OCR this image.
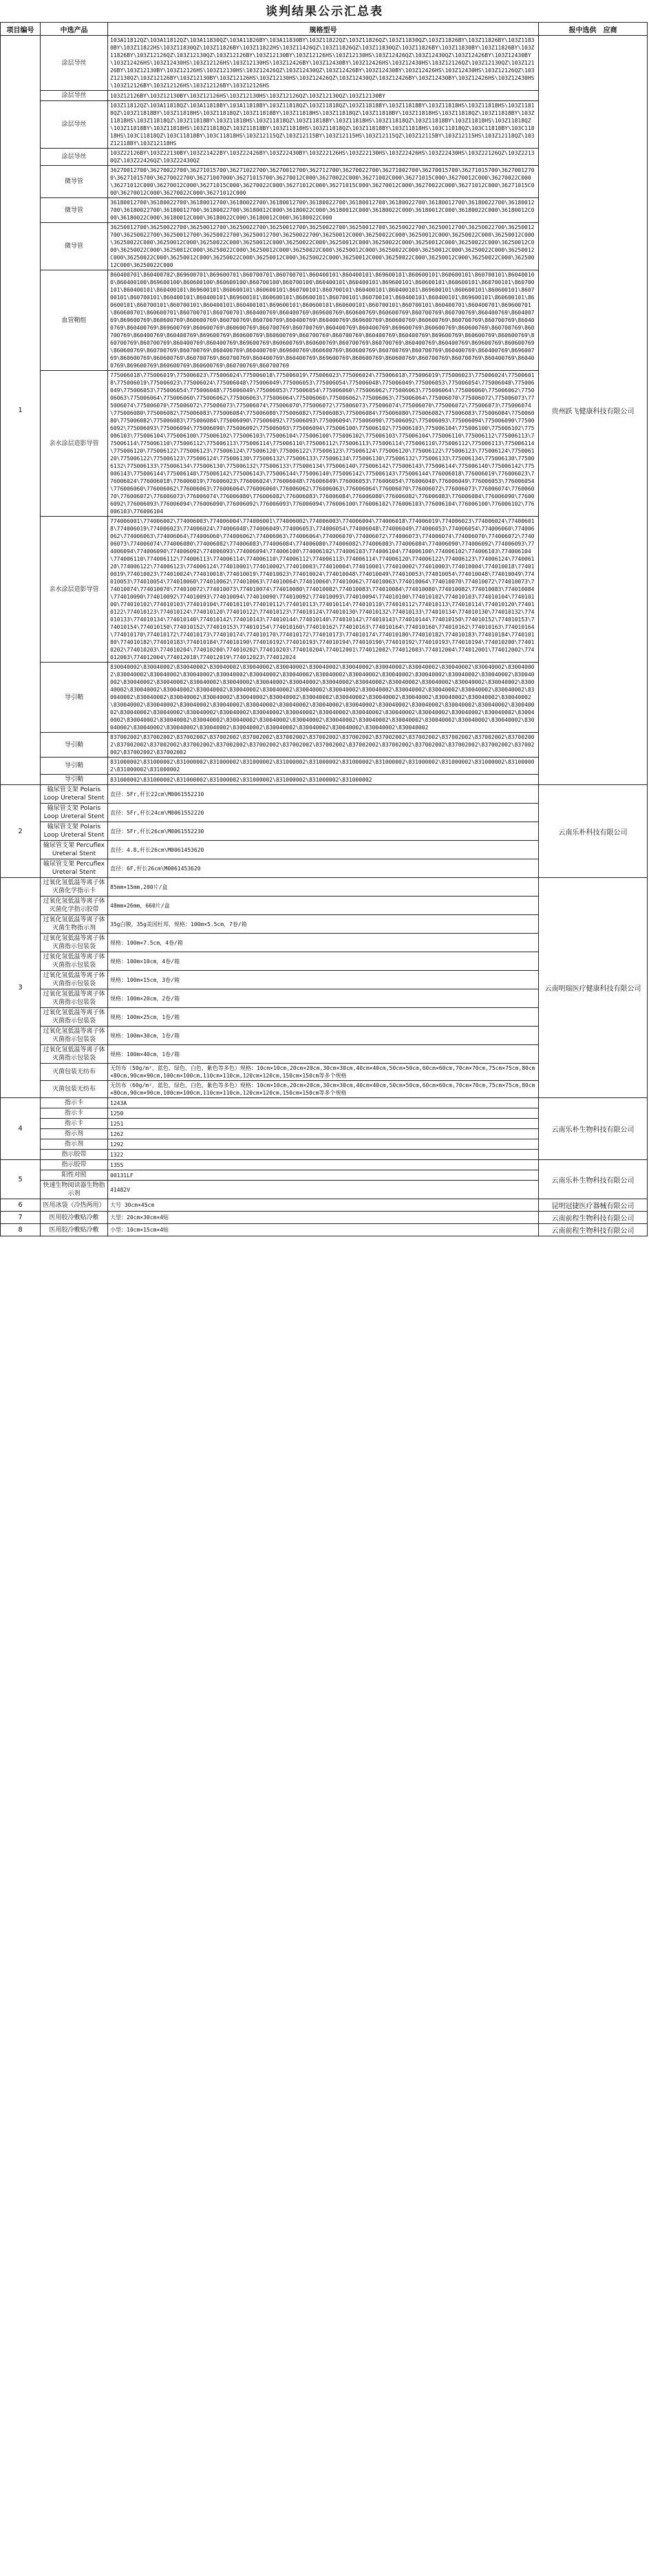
谈判结果公示汇总表
项目编号	中选产品	规格型号	报中选供　应商
1	涂层导丝	103A11812QZ\103A11812QZ\103A11830QZ\103A11826BY\103A11830BY\103Z11822QZ\103Z11826QZ\103Z11830QZ\103Z11826BY\103Z11826BY\103Z11830BY\103Z11822HS\103Z11830QZ\103Z11826BY\103Z11822HS\103Z11426QZ\103Z11826QZ\103Z11830QZ\103Z11826BY\103Z11830BY\103Z11826BY\103Z11826BY\103Z12126QZ\103Z12130QZ\103Z12126BY\103Z12130BY\103Z12126HS\103Z12130HS\103Z12426QZ\103Z12430QZ\103Z12426BY\103Z12430BY\103Z12426HS\103Z12430HS\103Z12126HS\103Z12130HS\103Z12426BY\103Z12430BY\103Z12426HS\103Z12430HS\103Z12126QZ\103Z12130QZ\103Z12126BY\103Z12130BY\103Z12126HS\103Z12130HS\103Z12426QZ\103Z12430QZ\103Z12426BY\103Z12430BY\103Z12426HS\103Z12430HS\103Z12126QZ\103Z12130QZ\103Z12126BY\103Z12130BY\103Z12126HS\103Z12130HS\103Z12426QZ\103Z12430QZ\103Z12426BY\103Z12430BY\103Z12426HS\103Z12430HS\103Z12126BY\103Z12126HS\103Z12126BY\103Z12126HS	贵州跃飞健康科技有限公司
	涂层导丝	103Z12126BY\103Z12130BY\103Z12126HS\103Z12130HS\103Z12126QZ\103Z12130QZ\103Z12130BY	
	涂层导丝	103Z11812QZ\103A11818QZ\103A11818BY\103A11818BY\103Z11818QZ\103Z11818QZ\103Z11818BY\103Z11818BY\103Z11818HS\103Z11818HS\103Z11818QZ\103Z11818BY\103Z11818HS\103Z11818QZ\103Z11818BY\103Z11818HS\103Z11818QZ\103Z11818BY\103Z11818HS\103Z11818QZ\103Z11818BY\103Z11818HS\103Z11818QZ\103Z11818BY\103Z11818HS\103Z11818QZ\103Z11818BY\103Z11818HS\103Z11818QZ\103Z11818BY\103Z11818HS\103Z11818QZ\103Z11818BY\103Z11818HS\103Z11818QZ\103Z11818BY\103Z11818HS\103Z11818QZ\103Z11818BY\103Z11818HS\103C11818QZ\103C11818BY\103C11818HS\103C11818QZ\103C11818BY\103C11818HS\103Z12115QZ\103Z12115BY\103Z12115HS\103Z12115QZ\103Z12115BY\103Z12115HS\103Z12118QZ\103Z12118BY\103Z12118HS	
	涂层导丝	103Z22126BY\103Z22130BY\103Z21422BY\103Z22426BY\103Z22430BY\103Z22126HS\103Z22130HS\103Z22426HS\103Z22430HS\103Z22126QZ\103Z22130QZ\103Z22426QZ\103Z22430QZ	
	微导管	36270012700\36270022700\36271015700\36271022700\36270012700\362712700\36270022700\36271002700\36270015700\36271015700\36270012700\36271015700\36270022700\36271007000\36271015700\36270012C000\36270022C000\36271002C000\36271015C000\36270012C000\36270022C000\36271012C000\36270012C000\36271015C000\36270022C000\36271012C000\36271015C000\36270012C000\36270022C000\36271012C000\36271015C000\36270012C000\36270022C000\36271012C000	
	微导管	36180012700\36180022700\36180012700\36180022700\36180012700\36180022700\36180012700\36180022700\36180012700\36180022700\36180012700\36180022700\36180012700\36180022700\36180012C000\36180022C000\36180012C000\36180022C000\36180012C000\36180022C000\36180012C000\36180022C000\36180012C000\36180022C000\36180012C000\36180022C000	
	微导管	36250012700\36250022700\36250012700\36250022700\36250012700\36250022700\36250012700\36250022700\36250012700\36250022700\36250012700\36250022700\36250012700\36250022700\36250012700\36250022700\36250012C000\36250022C000\36250012C000\36250022C000\36250012C000\36250022C000\36250012C000\36250022C000\36250012C000\36250022C000\36250012C000\36250022C000\36250012C000\36250022C000\36250012C000\36250022C000\36250012C000\36250022C000\36250012C000\36250022C000\36250012C000\36250022C000\36250012C000\36250022C000\36250012C000\36250022C000\36250012C000\36250022C000\36250012C000\36250022C000\36250012C000\36250022C000\36250012C000\36250022C000\36250012C000\36250022C000	
	血管鞘组	860400701\860400702\869600701\869600701\860700701\860700701\860400101\860400101\869600101\860600101\860600101\860700101\860400100\860400100\869600100\860600100\860600100\860700100\860700100\860400101\860400101\869600101\860600101\860600101\860700101\860700101\860400101\860400101\869600101\860600101\860600101\860700101\860700101\860400101\860400101\869600101\860600101\860600101\860700101\860700101\860400101\860400101\869600101\860600101\860600101\860700101\860700101\860400101\860400101\869600101\860600101\860600101\860700101\860700101\860400101\860400101\869600101\860600101\860600101\860700101\860700101\860400701\860400701\869600701\860600701\860600701\860700701\860700701\860400769\860400769\869600769\860600769\860600769\860700769\860700769\860400769\860400769\869600769\860600769\860600769\860700769\860700769\860400769\860400769\869600769\860600769\860600769\860700769\860700769\860400769\860400769\869600769\860600769\860600769\860700769\860700769\860400769\860400769\869600769\860600769\860600769\860700769\860700769\860400769\860400769\869600769\860600769\860600769\860700769\860700769\860400769\860400769\869600769\860600769\860600769\860700769\860700769\860400769\860400769\869600769\860600769\860600769\860700769\860700769\860400769\860400769\869600769\860600769\860600769\860700769\860700769\860400769\860400769\869600769\860600769\860600769\860700769\860700769\860400769\860400769\869600769\860600769\860600769\860700769\860700769\860400769\860400769\869600769\860600769\860600769\860700769\860700769\860400769\860400769\869600769\860600769\860600769\860700769\860700769	
	亲水涂层造影导管	775006018\775006019\775006023\775006024\775006018\775006019\775006023\775006024\775006018\775006019\775006023\775006024\775006018\775006019\775006023\775006024\775006048\775006049\775006053\775006054\775006048\775006049\775006053\775006054\775006048\775006049\775006053\775006054\775006048\775006049\775006053\775006054\775006060\775006062\775006063\775006064\775006060\775006062\775006063\775006064\775006060\775006062\775006063\775006064\775006060\775006062\775006063\775006064\775006070\775006072\775006073\775006074\775006070\775006072\775006073\775006074\775006070\775006072\775006073\775006074\775006070\775006072\775006073\775006074\775006080\775006082\775006083\775006084\775006080\775006082\775006083\775006084\775006080\775006082\775006083\775006084\775006080\775006082\775006083\775006084\775006090\775006092\775006093\775006094\775006090\775006092\775006093\775006094\775006090\775006092\775006093\775006094\775006090\775006092\775006093\775006094\775006100\775006102\775006103\775006104\775006100\775006102\775006103\775006104\775006100\775006102\775006103\775006104\775006100\775006102\775006103\775006104\775006110\775006112\775006113\775006114\775006110\775006112\775006113\775006114\775006110\775006112\775006113\775006114\775006110\775006112\775006113\775006114\775006120\775006122\775006123\775006124\775006120\775006122\775006123\775006124\775006120\775006122\775006123\775006124\775006120\775006122\775006123\775006124\775006130\775006132\775006133\775006134\775006130\775006132\775006133\775006134\775006130\775006132\775006133\775006134\775006130\775006132\775006133\775006134\775006140\775006142\775006143\775006144\775006140\775006142\775006143\775006144\775006140\775006142\775006143\775006144\775006140\775006142\775006143\775006144\776006018\776006019\776006023\776006024\776006018\776006019\776006023\776006024\776006048\776006049\776006053\776006054\776006048\776006049\776006053\776006054\776006060\776006062\776006063\776006064\776006060\776006062\776006063\776006064\776006070\776006072\776006073\776006074\776006070\776006072\776006073\776006074\776006080\776006082\776006083\776006084\776006080\776006082\776006083\776006084\776006090\776006092\776006093\776006094\776006090\776006092\776006093\776006094\776006100\776006102\776006103\776006104\776006100\776006102\776006103\776006104	
	亲水涂层造影导管	774006001\774006002\774006003\774006004\774006001\774006002\774006003\774006004\774006018\774006019\774006023\774006024\774006018\774006019\774006023\774006024\774006048\774006049\774006053\774006054\774006048\774006049\774006053\774006054\774006060\774006062\774006063\774006064\774006060\774006062\774006063\774006064\774006070\774006072\774006073\774006074\774006070\774006072\774006073\774006074\774006080\774006082\774006083\774006084\774006080\774006082\774006083\774006084\774006090\774006092\774006093\774006094\774006090\774006092\774006093\774006094\774006100\774006102\774006103\774006104\774006100\774006102\774006103\774006104\774006110\774006112\774006113\774006114\774006110\774006112\774006113\774006114\774006120\774006122\774006123\774006124\774006120\774006122\774006123\774006124\774010001\774010002\774010003\774010004\774010001\774010002\774010003\774010004\774010018\774010019\774010023\774010024\774010018\774010019\774010023\774010024\774010048\774010049\774010053\774010054\774010048\774010049\774010053\774010054\774010060\774010062\774010063\774010064\774010060\774010062\774010063\774010064\774010070\774010072\774010073\774010074\774010070\774010072\774010073\774010074\774010080\774010082\774010083\774010084\774010080\774010082\774010083\774010084\774010090\774010092\774010093\774010094\774010090\774010092\774010093\774010094\774010100\774010102\774010103\774010104\774010100\774010102\774010103\774010104\774010110\774010112\774010113\774010114\774010110\774010112\774010113\774010114\774010120\774010122\774010123\774010124\774010120\774010122\774010123\774010124\774010130\774010132\774010133\774010134\774010130\774010132\774010133\774010134\774010140\774010142\774010143\774010144\774010140\774010142\774010143\774010144\774010150\774010152\774010153\774010154\774010150\774010152\774010153\774010154\774010160\774010162\774010163\774010164\774010160\774010162\774010163\774010164\774010170\774010172\774010173\774010174\774010170\774010172\774010173\774010174\774010180\774010182\774010183\774010184\774010180\774010182\774010183\774010184\774010190\774010192\774010193\774010194\774010190\774010192\774010193\774010194\774010200\774010202\774010203\774010204\774010200\774010202\774010203\774010204\774012001\774012002\774012003\774012004\774012001\774012002\774012003\774012004\774012018\774012019\774012023\774012024	
	导引鞘	830040002\830040002\830040002\830040002\830040002\830040002\830040002\830040002\830040002\830040002\830040002\830040002\830040002\830040002\830040002\830040002\830040002\830040002\830040002\830040002\830040002\830040002\830040002\830040002\830040002\830040002\830040002\830040002\830040002\830040002\830040002\830040002\830040002\830040002\830040002\830040002\830040002\830040002\830040002\830040002\830040002\830040002\830040002\830040002\830040002\830040002\830040002\830040002\830040002\830040002\830040002\830040002\830040002\830040002\830040002\830040002\830040002\830040002\830040002\830040002\830040002\830040002\830040002\830040002\830040002\830040002\830040002\830040002\830040002\830040002\830040002\830040002\830040002\830040002\830040002\830040002\830040002\830040002\830040002\830040002\830040002\830040002\830040002\830040002\830040002\830040002\830040002\830040002\830040002\830040002\830040002\830040002\830040002\830040002\830040002\830040002\830040002\830040002\830040002\830040002\830040002\830040002\830040002\830040002\830040002\830040002\830040002\830040002\830040002\830040002\830040002\830040002	
	导引鞘	837002002\837002002\837002002\837002002\837002002\837002002\837002002\837002002\837002002\837002002\837002002\837002002\837002002\837002002\837002002\837002002\837002002\837002002\837002002\837002002\837002002\837002002\837002002\837002002\837002002\837002002\837002002\837002002	
	导引鞘	831000002\831000002\831000002\831000002\831000002\831000002\831000002\831000002\831000002\831000002\831000002\831000002\831000002\831000002\831000002	
	导引鞘	831000002\831000002\831000002\831000002\831000002\831000002\831000002\831000002	
2	输尿管支架 Polaris Loop Ureteral Stent	直径：5Fr,杆长22cm\M0061552210	云南乐朴科技有限公司
	输尿管支架 Polaris Loop Ureteral Stent	直径：5Fr,杆长24cm\M0061552220	
	输尿管支架 Polaris Loop Ureteral Stent	直径：5Fr,杆长26cm\M0061552230	
	输尿管支架 Percuflex Ureteral Stent	直径：4.8,杆长26cm\M0061453620	
	输尿管支架 Percuflex Ureteral Stent	直径：6F,杆长26cm\M0061453620	
3	过氧化氢低温等离子体灭菌化学指示卡	85mm×15mm,200片/盒	云南明瑞医疗健康科技有限公司
	过氧化氢低温等离子体灭菌化学指示胶带	48mm×26mm，660片/盒	
	过氧化氢低温等离子体灭菌生物指示剂	35g白膜，35g美国杜邦，规格：100m×5.5cm，7卷/箱	
	过氧化氢低温等离子体灭菌指示包装袋	规格：100m×7.5cm，4卷/箱	
	过氧化氢低温等离子体灭菌指示包装袋	规格：100m×10cm，4卷/箱	
	过氧化氢低温等离子体灭菌指示包装袋	规格：100m×15cm，3卷/箱	
	过氧化氢低温等离子体灭菌指示包装袋	规格：100m×20cm，2卷/箱	
	过氧化氢低温等离子体灭菌指示包装袋	规格：100m×25cm，1卷/箱	
	过氧化氢低温等离子体灭菌指示包装袋	规格：100m×30cm，1卷/箱	
	过氧化氢低温等离子体灭菌指示包装袋	规格：100m×40cm，1卷/箱	
	灭菌包装无纺布	无纺布（50g/m²，蓝色、绿色、白色、紫色等多色）规格：10cm×10cm,20cm×20cm,30cm×30cm,40cm×40cm,50cm×50cm,60cm×60cm,70cm×70cm,75cm×75cm,80cm×80cm,90cm×90cm,100cm×100cm,110cm×110cm,120cm×120cm,150cm×150cm等多个规格	
	灭菌包装无纺布	无纺布（60g/m²，蓝色、绿色、白色、紫色等多色）规格：10cm×10cm,20cm×20cm,30cm×30cm,40cm×40cm,50cm×50cm,60cm×60cm,70cm×70cm,75cm×75cm,80cm×80cm,90cm×90cm,100cm×100cm,110cm×110cm,120cm×120cm,150cm×150cm等多个规格	
4	指示卡	1243A	云南乐朴生物科技有限公司
	指示卡	1250	
	指示卡	1251	
	指示剂	1262	
	指示剂	1292	
	指示胶带	1322	
5	指示胶带	1355	云南乐朴生物科技有限公司
	阳性对照	00131LF	
	快速生物阅读器生物指示剂	41482V	
6	医用冰袋（冷热两用）	大号 30cm×45cm	昆明冠捷医疗器械有限公司
7	医用胶冷敷贴冷敷	大型：20cm×30cm×4贴	云南前程生物科技有限公司
8	医用胶冷敷贴冷敷	小型：10cm×15cm×4贴	云南前程生物科技有限公司
